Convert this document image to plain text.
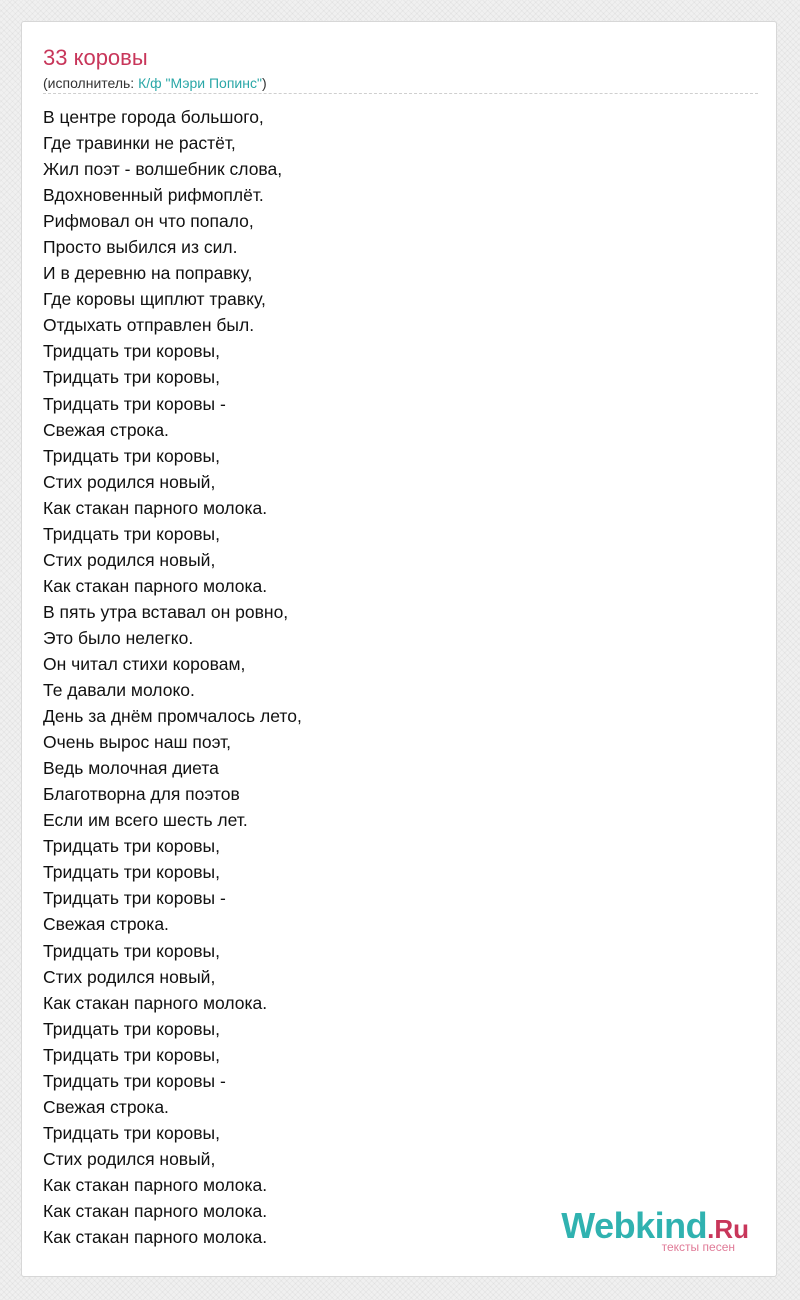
33 коровы
(исполнитель: К/ф "Мэри Попинс")
В центре города большого,
Где травинки не растёт,
Жил поэт - волшебник слова,
Вдохновенный рифмоплёт.
Рифмовал он что попало,
Просто выбился из сил.
И в деревню на поправку,
Где коровы щиплют травку,
Отдыхать отправлен был.
Тридцать три коровы,
Тридцать три коровы,
Тридцать три коровы -
Свежая строка.
Тридцать три коровы,
Стих родился новый,
Как стакан парного молока.
Тридцать три коровы,
Стих родился новый,
Как стакан парного молока.
В пять утра вставал он ровно,
Это было нелегко.
Он читал стихи коровам,
Те давали молоко.
День за днём промчалось лето,
Очень вырос наш поэт,
Ведь молочная диета
Благотворна для поэтов
Если им всего шесть лет.
Тридцать три коровы,
Тридцать три коровы,
Тридцать три коровы -
Свежая строка.
Тридцать три коровы,
Стих родился новый,
Как стакан парного молока.
Тридцать три коровы,
Тридцать три коровы,
Тридцать три коровы -
Свежая строка.
Тридцать три коровы,
Стих родился новый,
Как стакан парного молока.
Как стакан парного молока.
Как стакан парного молока.	Webkind.Ru
тексты песен
